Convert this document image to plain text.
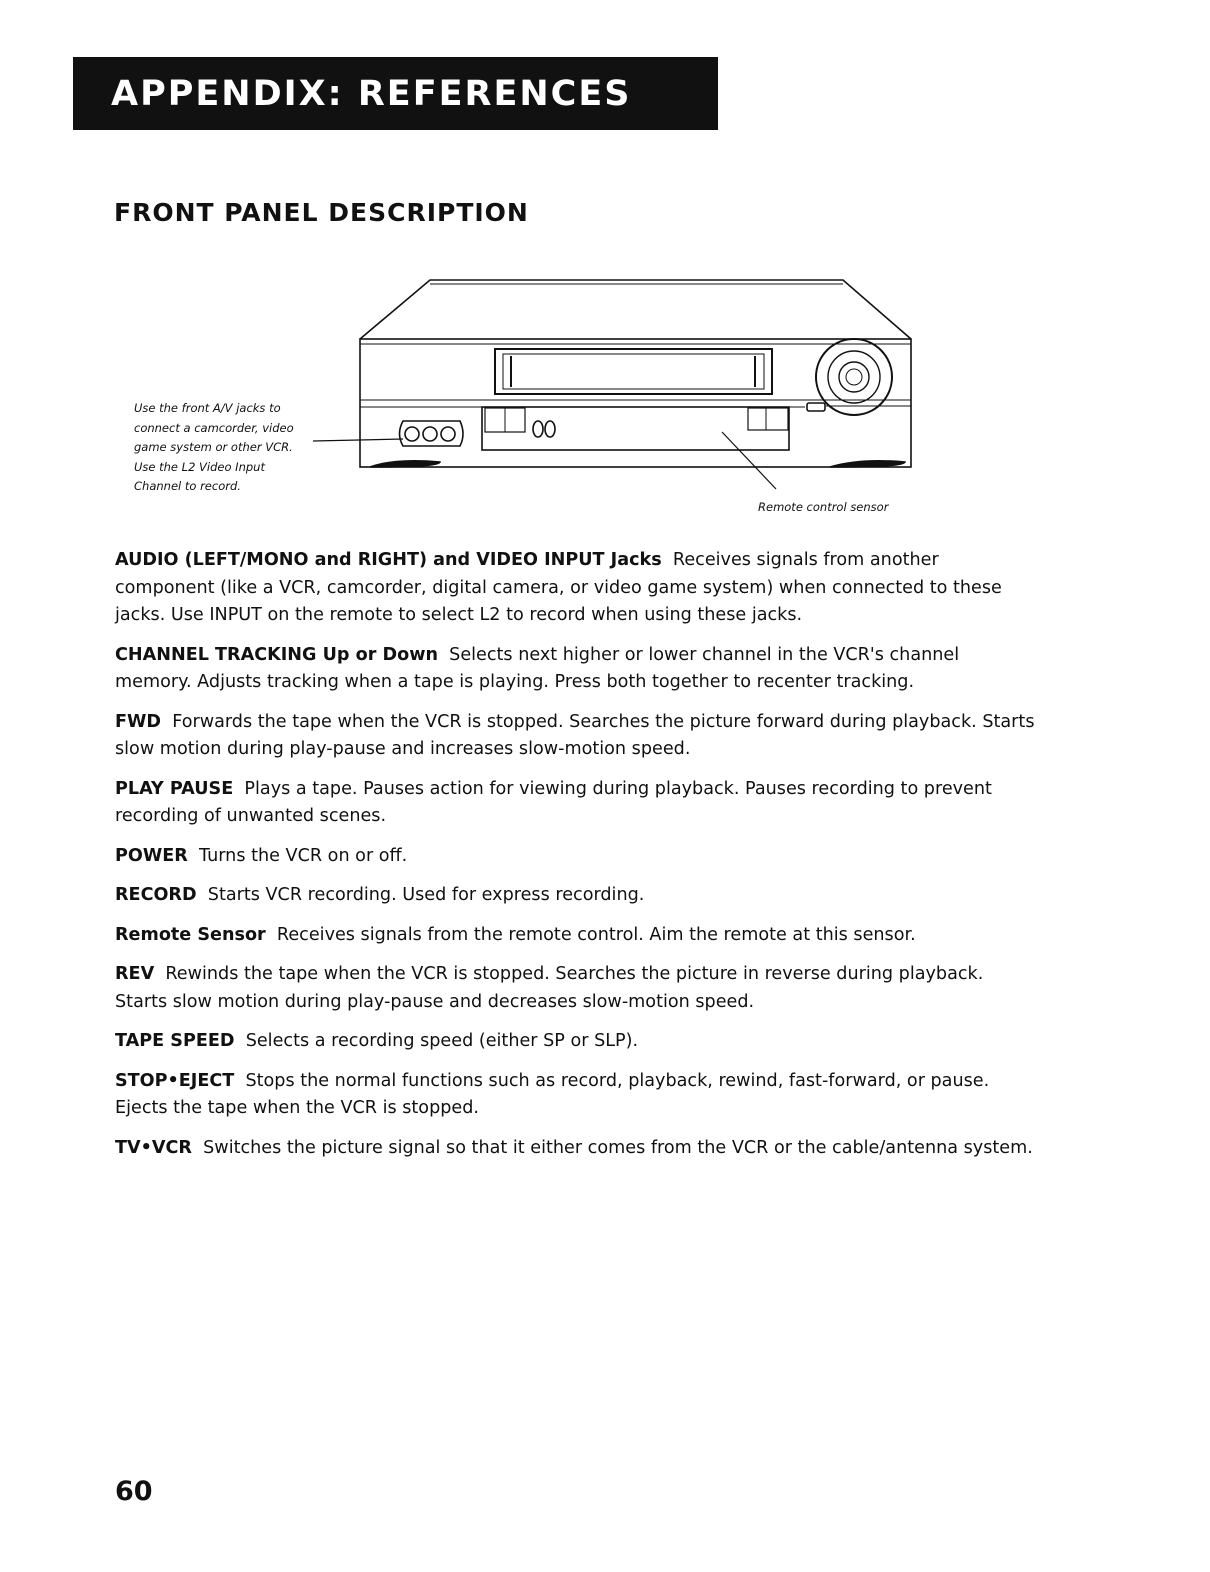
APPENDIX: REFERENCES
FRONT PANEL DESCRIPTION
Use the front A/V jacks to
connect a camcorder, video
game system or other VCR.
Use the L2 Video Input
Channel to record.
Remote control sensor

AUDIO (LEFT/MONO and RIGHT) and VIDEO INPUT Jacks Receives signals from another component (like a VCR, camcorder, digital camera, or video game system) when connected to these jacks. Use INPUT on the remote to select L2 to record when using these jacks.

CHANNEL TRACKING Up or Down Selects next higher or lower channel in the VCR's channel memory. Adjusts tracking when a tape is playing. Press both together to recenter tracking.

FWD Forwards the tape when the VCR is stopped. Searches the picture forward during playback. Starts slow motion during play-pause and increases slow-motion speed.

PLAY PAUSE Plays a tape. Pauses action for viewing during playback. Pauses recording to prevent recording of unwanted scenes.

POWER Turns the VCR on or off.

RECORD Starts VCR recording. Used for express recording.

Remote Sensor Receives signals from the remote control. Aim the remote at this sensor.

REV Rewinds the tape when the VCR is stopped. Searches the picture in reverse during playback. Starts slow motion during play-pause and decreases slow-motion speed.

TAPE SPEED Selects a recording speed (either SP or SLP).

STOP•EJECT Stops the normal functions such as record, playback, rewind, fast-forward, or pause. Ejects the tape when the VCR is stopped.

TV•VCR Switches the picture signal so that it either comes from the VCR or the cable/antenna system.

60
